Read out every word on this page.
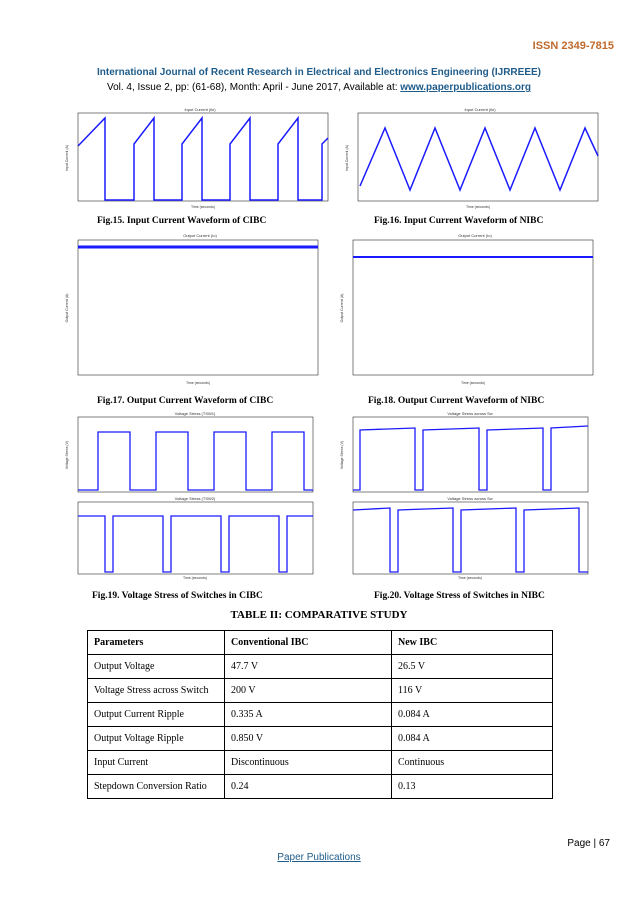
ISSN 2349-7815
International Journal of Recent Research in Electrical and Electronics Engineering (IJRREEE)
Vol. 4, Issue 2, pp: (61-68), Month: April - June 2017, Available at: www.paperpublications.org
Input Current (lin)
Input Current (A)
Time (seconds)
Input Current (lin)
Input Current (A)
Time (seconds)
Fig.15. Input Current Waveform of CIBC	Fig.16. Input Current Waveform of NIBC
Output Current (Io)
Output Current (A)
Time (seconds)
Output Current (Io)
Output Current (A)
Time (seconds)
Fig.17. Output Current Waveform of CIBC	Fig.18. Output Current Waveform of NIBC
Voltage Stress (TSW1)
Voltage Stress (TSW2)
Voltage Stress (V)
Time (seconds)
Voltage Stress across Sw
Voltage Stress across Sw
Voltage Stress (V)
Time (seconds)
Fig.19. Voltage Stress of Switches in CIBC	Fig.20. Voltage Stress of Switches in NIBC
TABLE II: COMPARATIVE STUDY
Parameters	Conventional IBC	New IBC
Output Voltage	47.7 V	26.5 V
Voltage Stress across Switch	200 V	116 V
Output Current Ripple	0.335 A	0.084 A
Output Voltage Ripple	0.850 V	0.084 A
Input Current	Discontinuous	Continuous
Stepdown Conversion Ratio	0.24	0.13
Page | 67
Paper Publications
